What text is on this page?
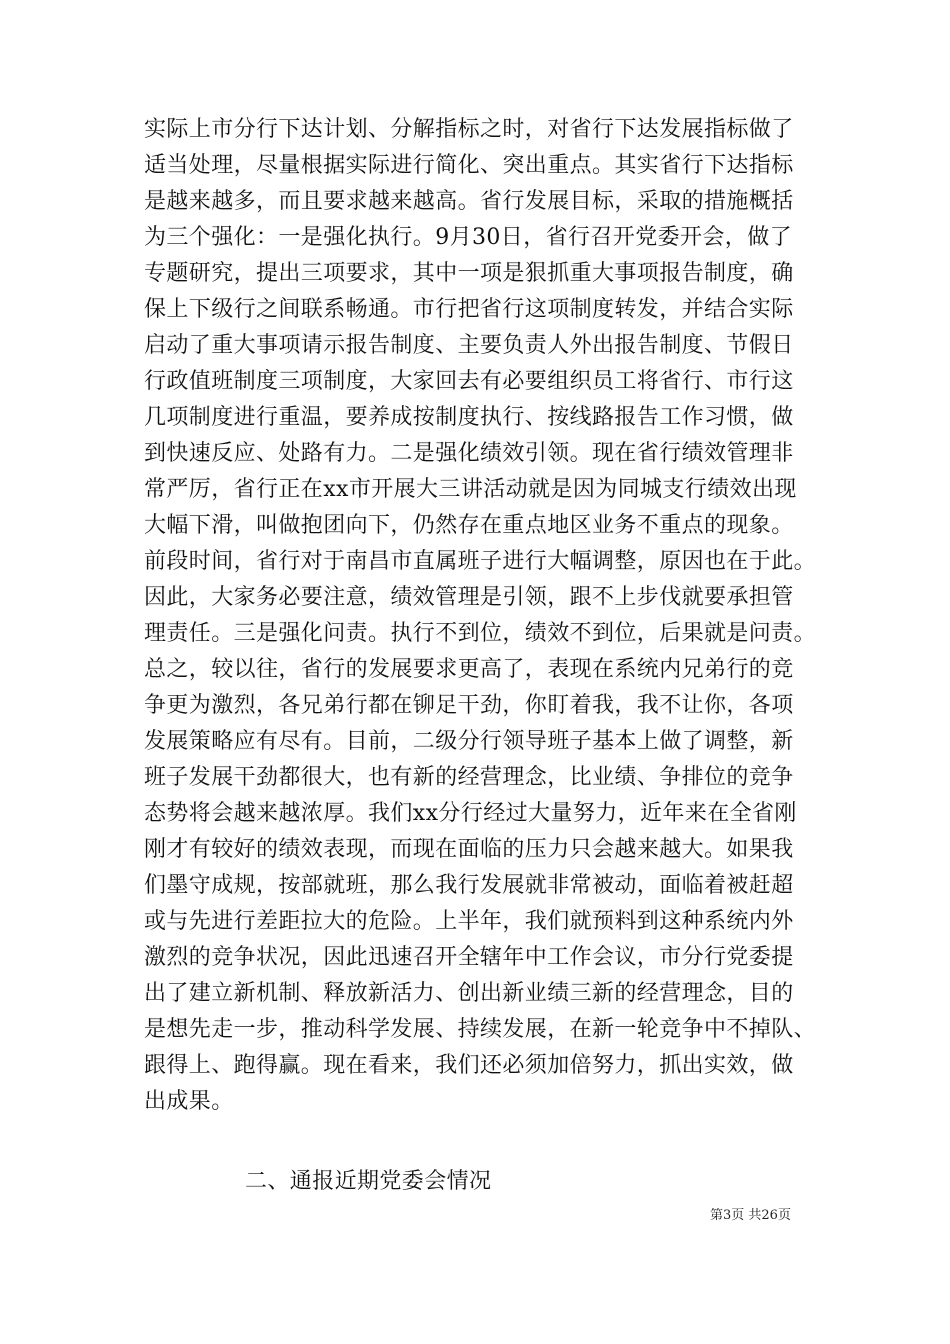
实际上市分行下达计划、分解指标之时，对省行下达发展指标做了
适当处理，尽量根据实际进行简化、突出重点。其实省行下达指标
是越来越多，而且要求越来越高。省行发展目标，采取的措施概括
为三个强化：一是强化执行。9月30日，省行召开党委开会，做了
专题研究，提出三项要求，其中一项是狠抓重大事项报告制度，确
保上下级行之间联系畅通。市行把省行这项制度转发，并结合实际
启动了重大事项请示报告制度、主要负责人外出报告制度、节假日
行政值班制度三项制度，大家回去有必要组织员工将省行、市行这
几项制度进行重温，要养成按制度执行、按线路报告工作习惯，做
到快速反应、处路有力。二是强化绩效引领。现在省行绩效管理非
常严厉，省行正在xx市开展大三讲活动就是因为同城支行绩效出现
大幅下滑，叫做抱团向下，仍然存在重点地区业务不重点的现象。
前段时间，省行对于南昌市直属班子进行大幅调整，原因也在于此。
因此，大家务必要注意，绩效管理是引领，跟不上步伐就要承担管
理责任。三是强化问责。执行不到位，绩效不到位，后果就是问责。
总之，较以往，省行的发展要求更高了，表现在系统内兄弟行的竞
争更为激烈，各兄弟行都在铆足干劲，你盯着我，我不让你，各项
发展策略应有尽有。目前，二级分行领导班子基本上做了调整，新
班子发展干劲都很大，也有新的经营理念，比业绩、争排位的竞争
态势将会越来越浓厚。我们xx分行经过大量努力，近年来在全省刚
刚才有较好的绩效表现，而现在面临的压力只会越来越大。如果我
们墨守成规，按部就班，那么我行发展就非常被动，面临着被赶超
或与先进行差距拉大的危险。上半年，我们就预料到这种系统内外
激烈的竞争状况，因此迅速召开全辖年中工作会议，市分行党委提
出了建立新机制、释放新活力、创出新业绩三新的经营理念，目的
是想先走一步，推动科学发展、持续发展，在新一轮竞争中不掉队、
跟得上、跑得赢。现在看来，我们还必须加倍努力，抓出实效，做
出成果。
二、通报近期党委会情况
第3页 共26页
